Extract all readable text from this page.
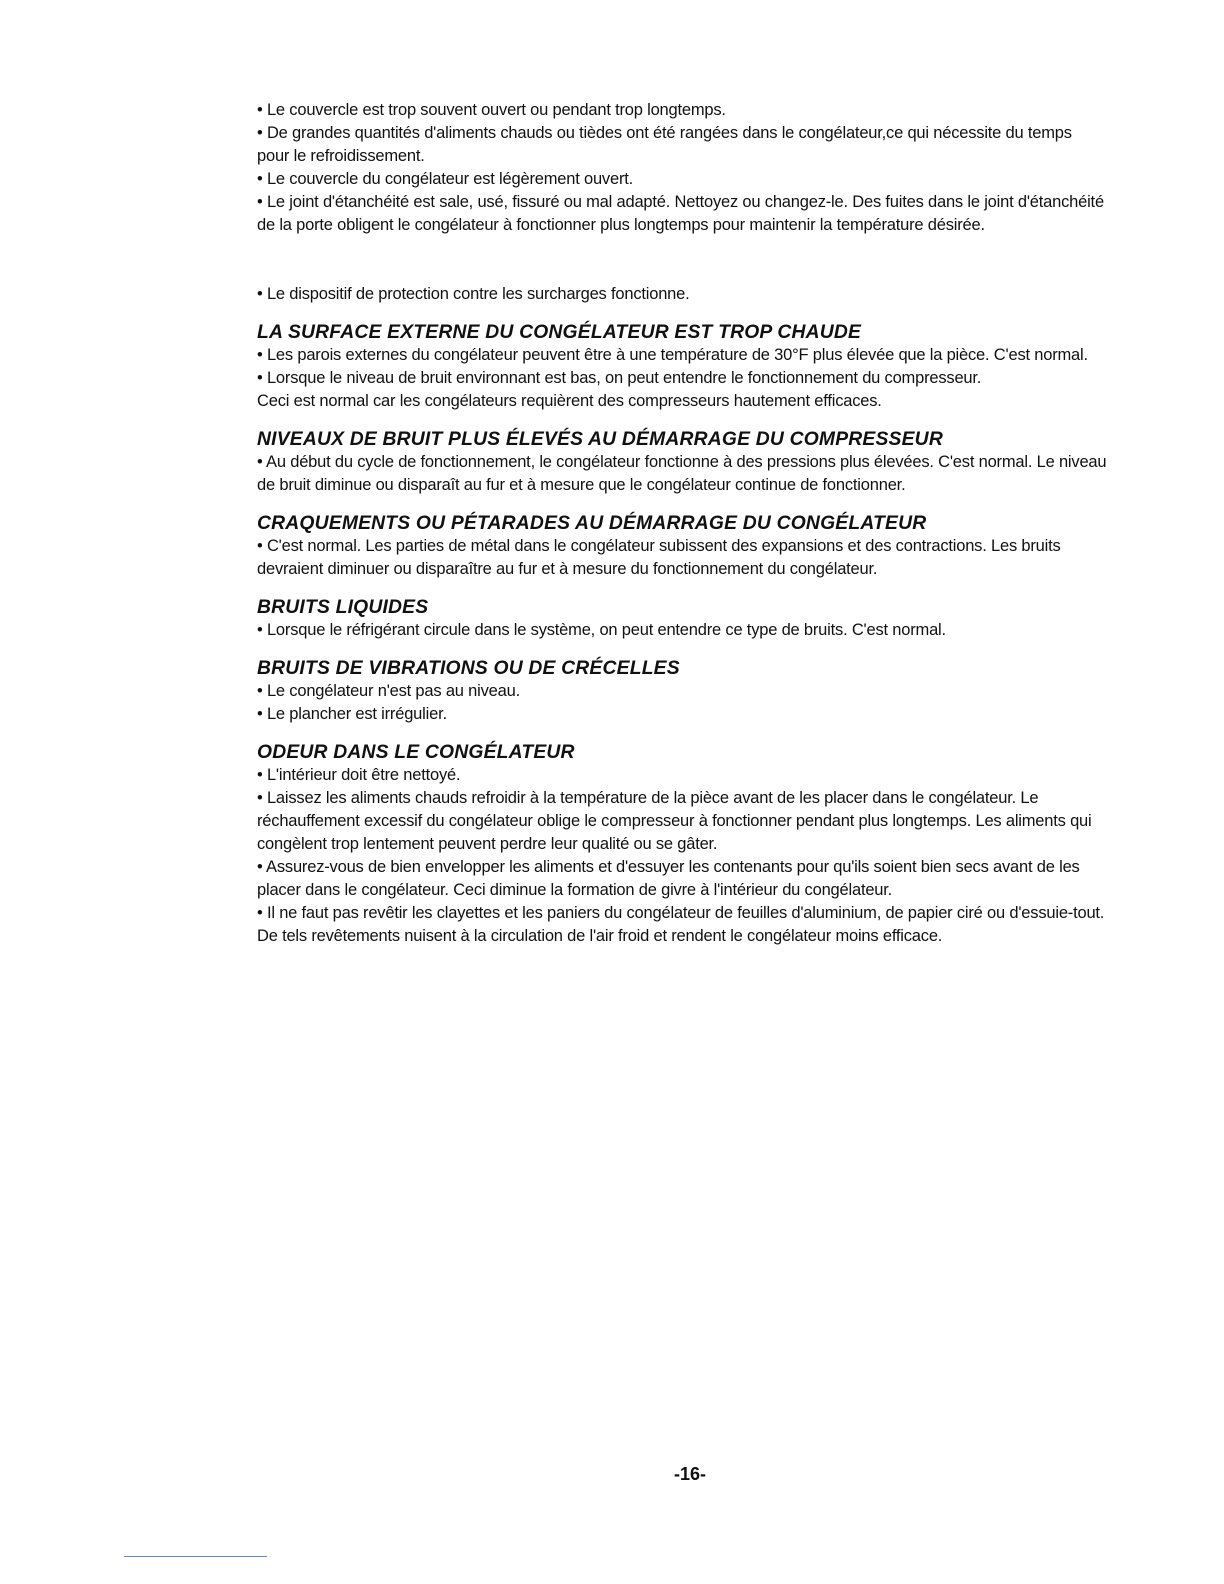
• Le couvercle est trop souvent ouvert ou pendant trop longtemps.

• De grandes quantités d'aliments chauds ou tièdes ont été rangées dans le congélateur,ce qui nécessite du temps pour le refroidissement.

• Le couvercle du congélateur est légèrement ouvert.

• Le joint d'étanchéité est sale, usé, fissuré ou mal adapté. Nettoyez ou changez-le. Des fuites dans le joint d'étanchéité de la porte obligent le congélateur à fonctionner plus longtemps pour maintenir la température désirée.

• Le dispositif de protection contre les surcharges fonctionne.

LA SURFACE EXTERNE DU CONGÉLATEUR EST TROP CHAUDE

• Les parois externes du congélateur peuvent être à une température de 30°F plus élevée que la pièce. C'est normal.

• Lorsque le niveau de bruit environnant est bas, on peut entendre le fonctionnement du compresseur.

Ceci est normal car les congélateurs requièrent des compresseurs hautement efficaces.

NIVEAUX DE BRUIT PLUS ÉLEVÉS AU DÉMARRAGE DU COMPRESSEUR

• Au début du cycle de fonctionnement, le congélateur fonctionne à des pressions plus élevées. C'est normal. Le niveau de bruit diminue ou disparaît au fur et à mesure que le congélateur continue de fonctionner.

CRAQUEMENTS OU PÉTARADES AU DÉMARRAGE DU CONGÉLATEUR

• C'est normal. Les parties de métal dans le congélateur subissent des expansions et des contractions. Les bruits devraient diminuer ou disparaître au fur et à mesure du fonctionnement du congélateur.

BRUITS LIQUIDES

• Lorsque le réfrigérant circule dans le système, on peut entendre ce type de bruits. C'est normal.

BRUITS DE VIBRATIONS OU DE CRÉCELLES

• Le congélateur n'est pas au niveau.

• Le plancher est irrégulier.

ODEUR DANS LE CONGÉLATEUR

• L'intérieur doit être nettoyé.

• Laissez les aliments chauds refroidir à la température de la pièce avant de les placer dans le congélateur. Le réchauffement excessif du congélateur oblige le compresseur à fonctionner pendant plus longtemps. Les aliments qui congèlent trop lentement peuvent perdre leur qualité ou se gâter.

• Assurez-vous de bien envelopper les aliments et d'essuyer les contenants pour qu'ils soient bien secs avant de les placer dans le congélateur. Ceci diminue la formation de givre à l'intérieur du congélateur.

• Il ne faut pas revêtir les clayettes et les paniers du congélateur de feuilles d'aluminium, de papier ciré ou d'essuie-tout. De tels revêtements nuisent à la circulation de l'air froid et rendent le congélateur moins efficace.

-16-
